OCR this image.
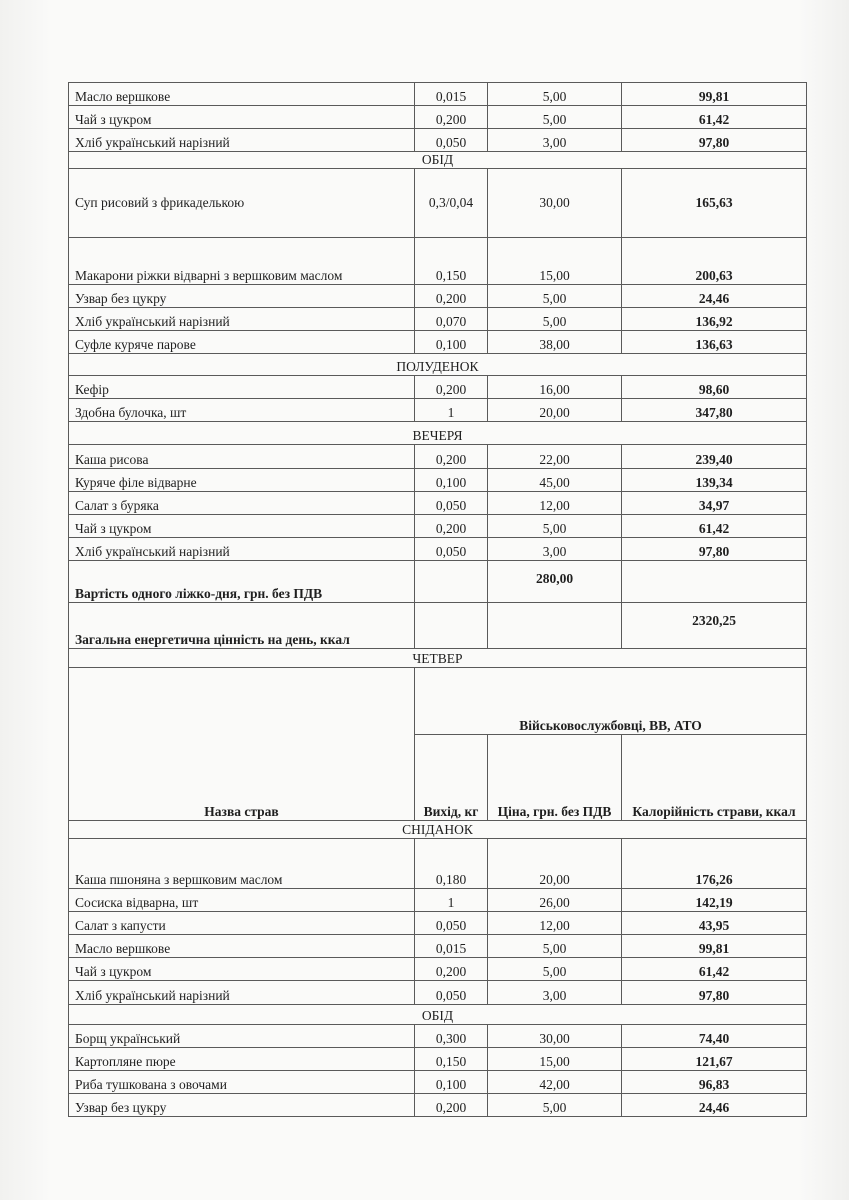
Масло вершкове	0,015	5,00	99,81
Чай з цукром	0,200	5,00	61,42
Хліб український нарізний	0,050	3,00	97,80
ОБІД			
Суп рисовий з фрикаделькою	0,3/0,04	30,00	165,63
Макарони ріжки відварні з вершковим маслом	0,150	15,00	200,63
Узвар без цукру	0,200	5,00	24,46
Хліб український нарізний	0,070	5,00	136,92
Суфле куряче парове	0,100	38,00	136,63
ПОЛУДЕНОК			
Кефір	0,200	16,00	98,60
Здобна булочка, шт	1	20,00	347,80
ВЕЧЕРЯ			
Каша рисова	0,200	22,00	239,40
Куряче філе відварне	0,100	45,00	139,34
Салат з буряка	0,050	12,00	34,97
Чай з цукром	0,200	5,00	61,42
Хліб український нарізний	0,050	3,00	97,80
Вартість одного ліжко-дня, грн. без ПДВ		280,00	
Загальна енергетична цінність на день, ккал			2320,25
ЧЕТВЕР			
Назва страв	Військовослужбовці, ВВ, АТО		
	Вихід, кг	Ціна, грн. без ПДВ	Калорійність страви, ккал
СНІДАНОК			
Каша пшоняна з вершковим маслом	0,180	20,00	176,26
Сосиска відварна, шт	1	26,00	142,19
Салат з капусти	0,050	12,00	43,95
Масло вершкове	0,015	5,00	99,81
Чай з цукром	0,200	5,00	61,42
Хліб український нарізний	0,050	3,00	97,80
ОБІД			
Борщ український	0,300	30,00	74,40
Картопляне пюре	0,150	15,00	121,67
Риба тушкована з овочами	0,100	42,00	96,83
Узвар без цукру	0,200	5,00	24,46
